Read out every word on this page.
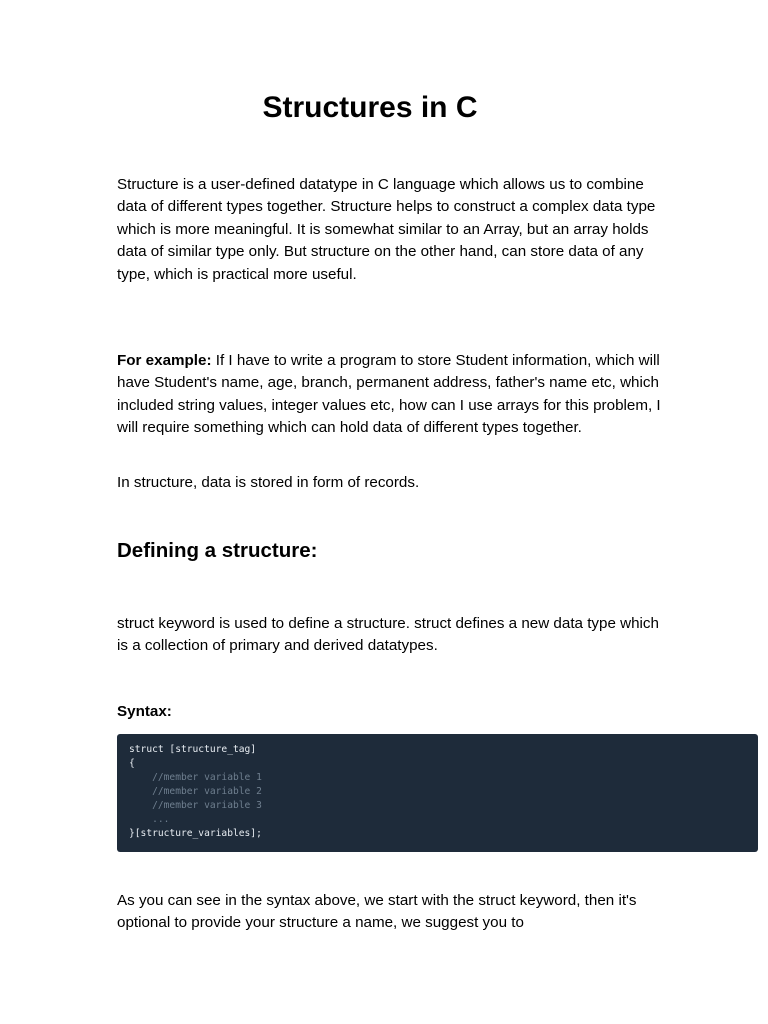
Structures in C

Structure is a user-defined datatype in C language which allows us to combine data of different types together. Structure helps to construct a complex data type which is more meaningful. It is somewhat similar to an Array, but an array holds data of similar type only. But structure on the other hand, can store data of any type, which is practical more useful.

For example: If I have to write a program to store Student information, which will have Student's name, age, branch, permanent address, father's name etc, which included string values, integer values etc, how can I use arrays for this problem, I will require something which can hold data of different types together.

In structure, data is stored in form of records.

Defining a structure:

struct keyword is used to define a structure. struct defines a new data type which is a collection of primary and derived datatypes.

Syntax:

struct [structure_tag]
{
//member variable 1
//member variable 2
//member variable 3
...
}[structure_variables];

As you can see in the syntax above, we start with the struct keyword, then it's optional to provide your structure a name, we suggest you to
